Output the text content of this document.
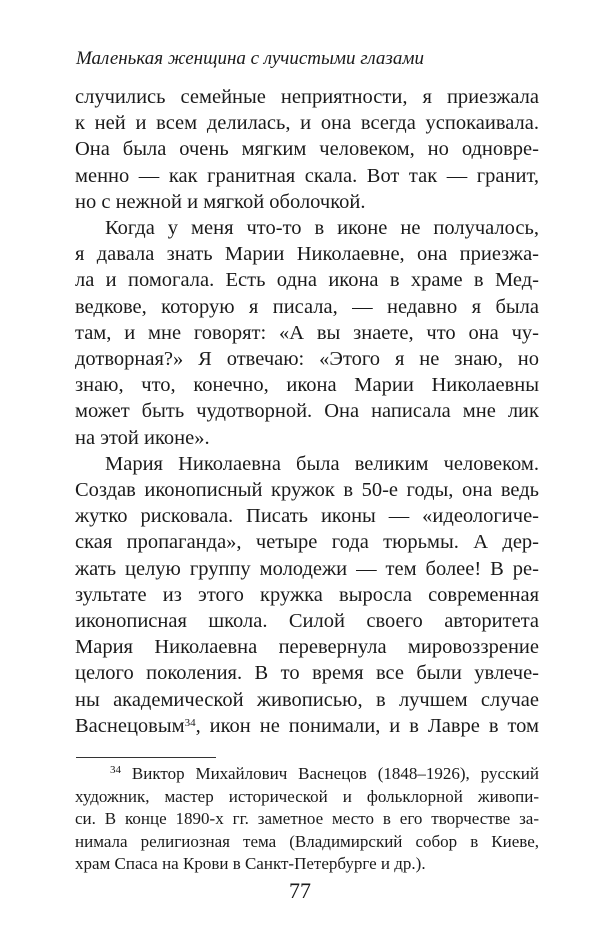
Маленькая женщина с лучистыми глазами
случились семейные неприятности, я приезжала
к ней и всем делилась, и она всегда успокаивала.
Она была очень мягким человеком, но одновре-
менно — как гранитная скала. Вот так — гранит,
но с нежной и мягкой оболочкой.
Когда у меня что-то в иконе не получалось,
я давала знать Марии Николаевне, она приезжа-
ла и помогала. Есть одна икона в храме в Мед-
ведкове, которую я писала, — недавно я была
там, и мне говорят: «А вы знаете, что она чу-
дотворная?» Я отвечаю: «Этого я не знаю, но
знаю, что, конечно, икона Марии Николаевны
может быть чудотворной. Она написала мне лик
на этой иконе».
Мария Николаевна была великим человеком.
Создав иконописный кружок в 50-е годы, она ведь
жутко рисковала. Писать иконы — «идеологиче-
ская пропаганда», четыре года тюрьмы. А дер-
жать целую группу молодежи — тем более! В ре-
зультате из этого кружка выросла современная
иконописная школа. Силой своего авторитета
Мария Николаевна перевернула мировоззрение
целого поколения. В то время все были увлече-
ны академической живописью, в лучшем случае
Васнецовым$^{34}$, икон не понимали, и в Лавре в том
$^{34}$ Виктор Михайлович Васнецов (1848–1926), русский
художник, мастер исторической и фольклорной живопи-
си. В конце 1890-х гг. заметное место в его творчестве за-
нимала религиозная тема (Владимирский собор в Киеве,
храм Спаса на Крови в Санкт-Петербурге и др.).
77
